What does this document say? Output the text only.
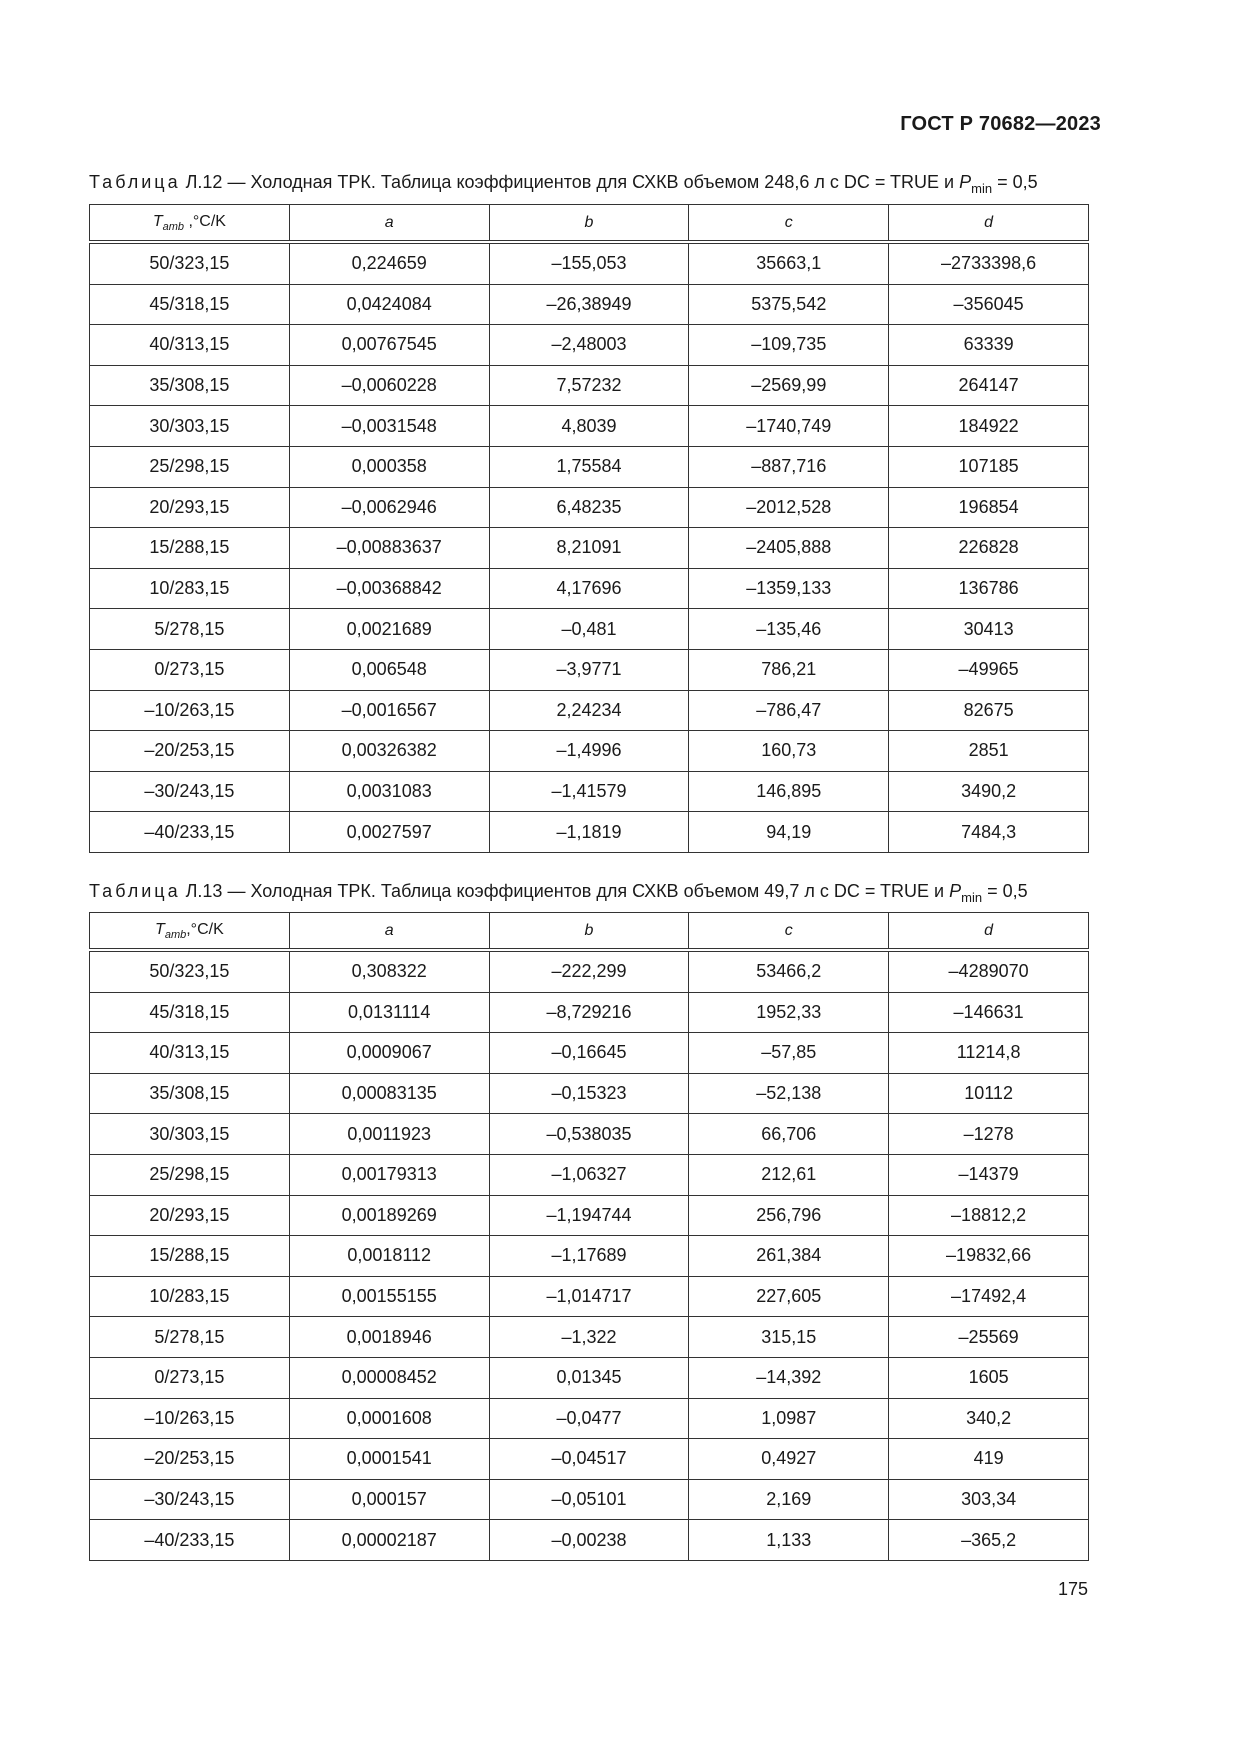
ГОСТ Р 70682—2023
Таблица Л.12 — Холодная ТРК. Таблица коэффициентов для СХКВ объемом 248,6 л с DC = TRUE и $P_{min} = 0,5$
$T_{amb}$ ,°C/K	a	b	c	d
50/323,15	0,224659	–155,053	35663,1	–2733398,6
45/318,15	0,0424084	–26,38949	5375,542	–356045
40/313,15	0,00767545	–2,48003	–109,735	63339
35/308,15	–0,0060228	7,57232	–2569,99	264147
30/303,15	–0,0031548	4,8039	–1740,749	184922
25/298,15	0,000358	1,75584	–887,716	107185
20/293,15	–0,0062946	6,48235	–2012,528	196854
15/288,15	–0,00883637	8,21091	–2405,888	226828
10/283,15	–0,00368842	4,17696	–1359,133	136786
5/278,15	0,0021689	–0,481	–135,46	30413
0/273,15	0,006548	–3,9771	786,21	–49965
–10/263,15	–0,0016567	2,24234	–786,47	82675
–20/253,15	0,00326382	–1,4996	160,73	2851
–30/243,15	0,0031083	–1,41579	146,895	3490,2
–40/233,15	0,0027597	–1,1819	94,19	7484,3
Таблица Л.13 — Холодная ТРК. Таблица коэффициентов для СХКВ объемом 49,7 л с DC = TRUE и $P_{min} = 0,5$
$T_{amb},^\circ C/K$	a	b	c	d
50/323,15	0,308322	–222,299	53466,2	–4289070
45/318,15	0,0131114	–8,729216	1952,33	–146631
40/313,15	0,0009067	–0,16645	–57,85	11214,8
35/308,15	0,00083135	–0,15323	–52,138	10112
30/303,15	0,0011923	–0,538035	66,706	–1278
25/298,15	0,00179313	–1,06327	212,61	–14379
20/293,15	0,00189269	–1,194744	256,796	–18812,2
15/288,15	0,0018112	–1,17689	261,384	–19832,66
10/283,15	0,00155155	–1,014717	227,605	–17492,4
5/278,15	0,0018946	–1,322	315,15	–25569
0/273,15	0,00008452	0,01345	–14,392	1605
–10/263,15	0,0001608	–0,0477	1,0987	340,2
–20/253,15	0,0001541	–0,04517	0,4927	419
–30/243,15	0,000157	–0,05101	2,169	303,34
–40/233,15	0,00002187	–0,00238	1,133	–365,2
175
